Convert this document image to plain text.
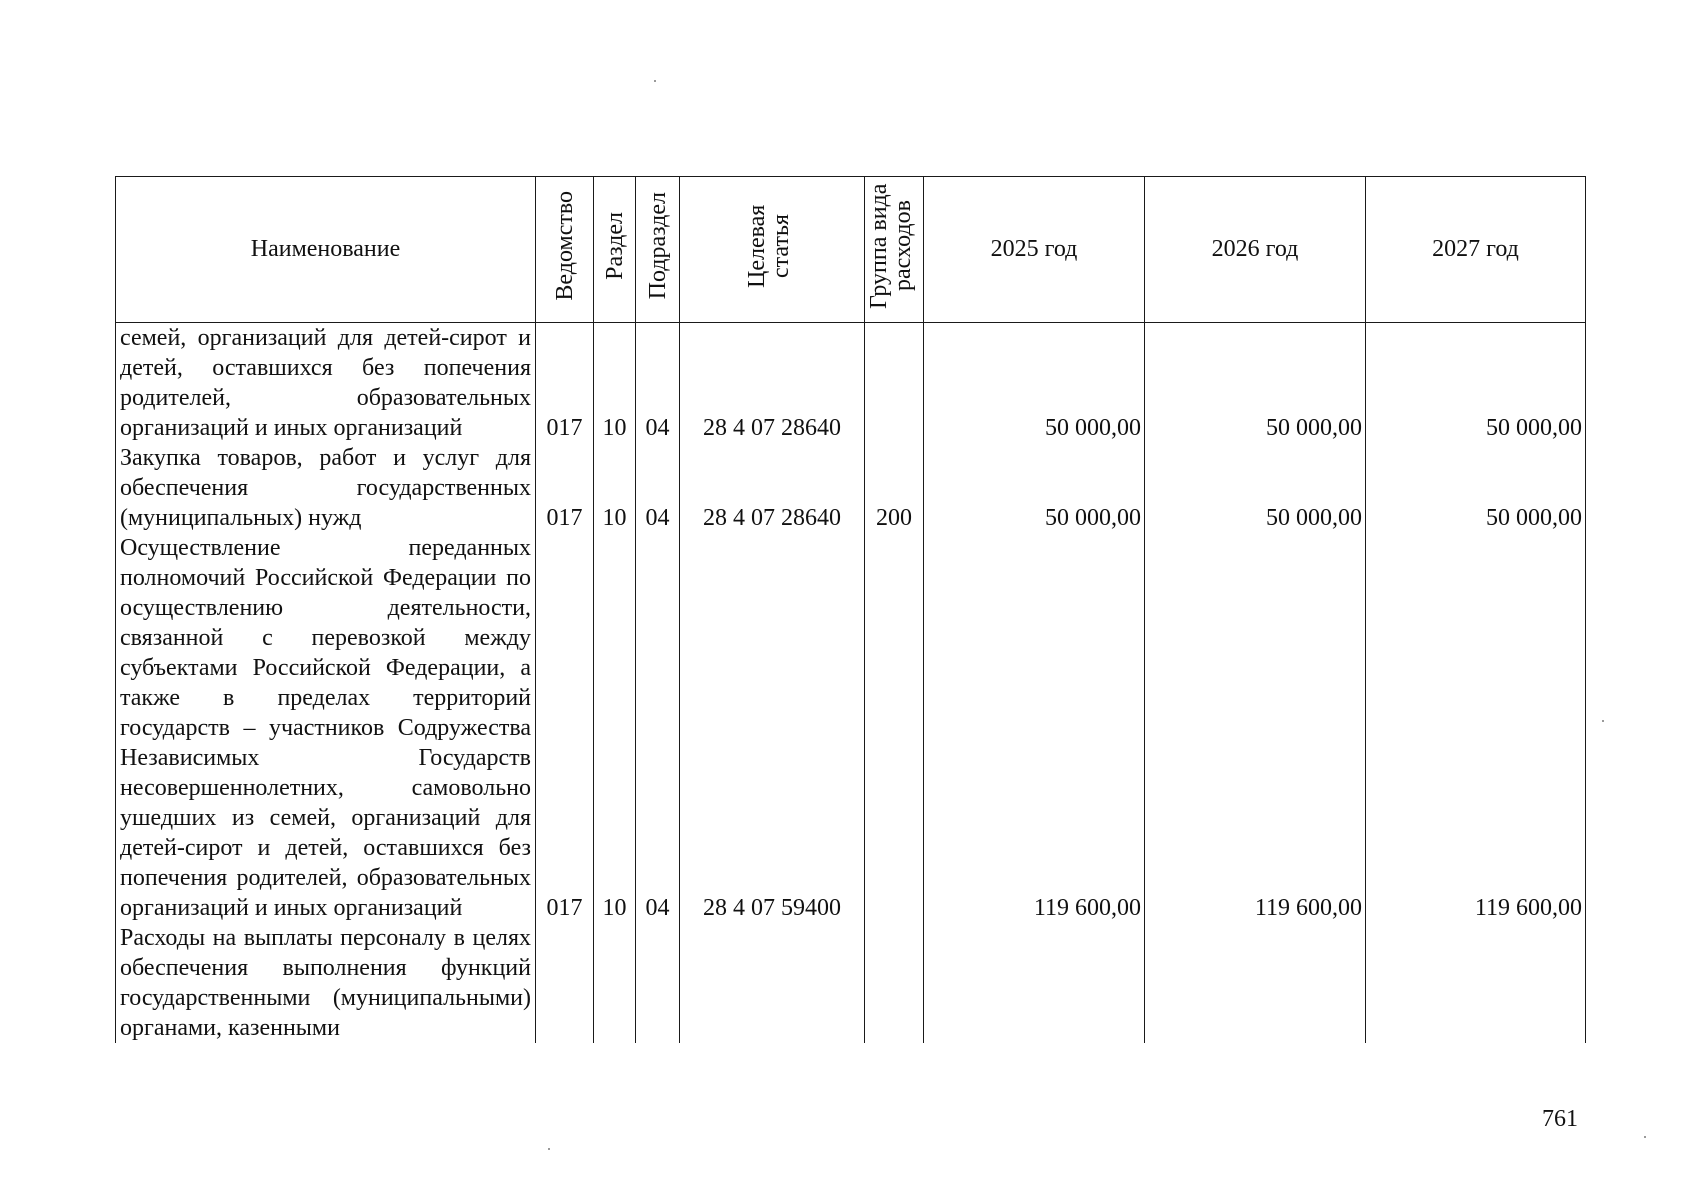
Наименование	Ведомство	Раздел	Подраздел	Целевая статья	Группа вида расходов	2025 год	2026 год	2027 год
семей, организаций для детей-сирот и детей, оставшихся без попечения родителей, образовательных организаций и иных организаций	017	10	04	28 4 07 28640		50 000,00	50 000,00	50 000,00
Закупка товаров, работ и услуг для обеспечения государственных (муниципальных) нужд	017	10	04	28 4 07 28640	200	50 000,00	50 000,00	50 000,00
Осуществление переданных полномочий Российской Федерации по осуществлению деятельности, связанной с перевозкой между субъектами Российской Федерации, а также в пределах территорий государств – участников Содружества Независимых Государств несовершеннолетних, самовольно ушедших из семей, организаций для детей-сирот и детей, оставшихся без попечения родителей, образовательных организаций и иных организаций	017	10	04	28 4 07 59400		119 600,00	119 600,00	119 600,00
Расходы на выплаты персоналу в целях обеспечения выполнения функций государственными (муниципальными) органами, казенными								
761
